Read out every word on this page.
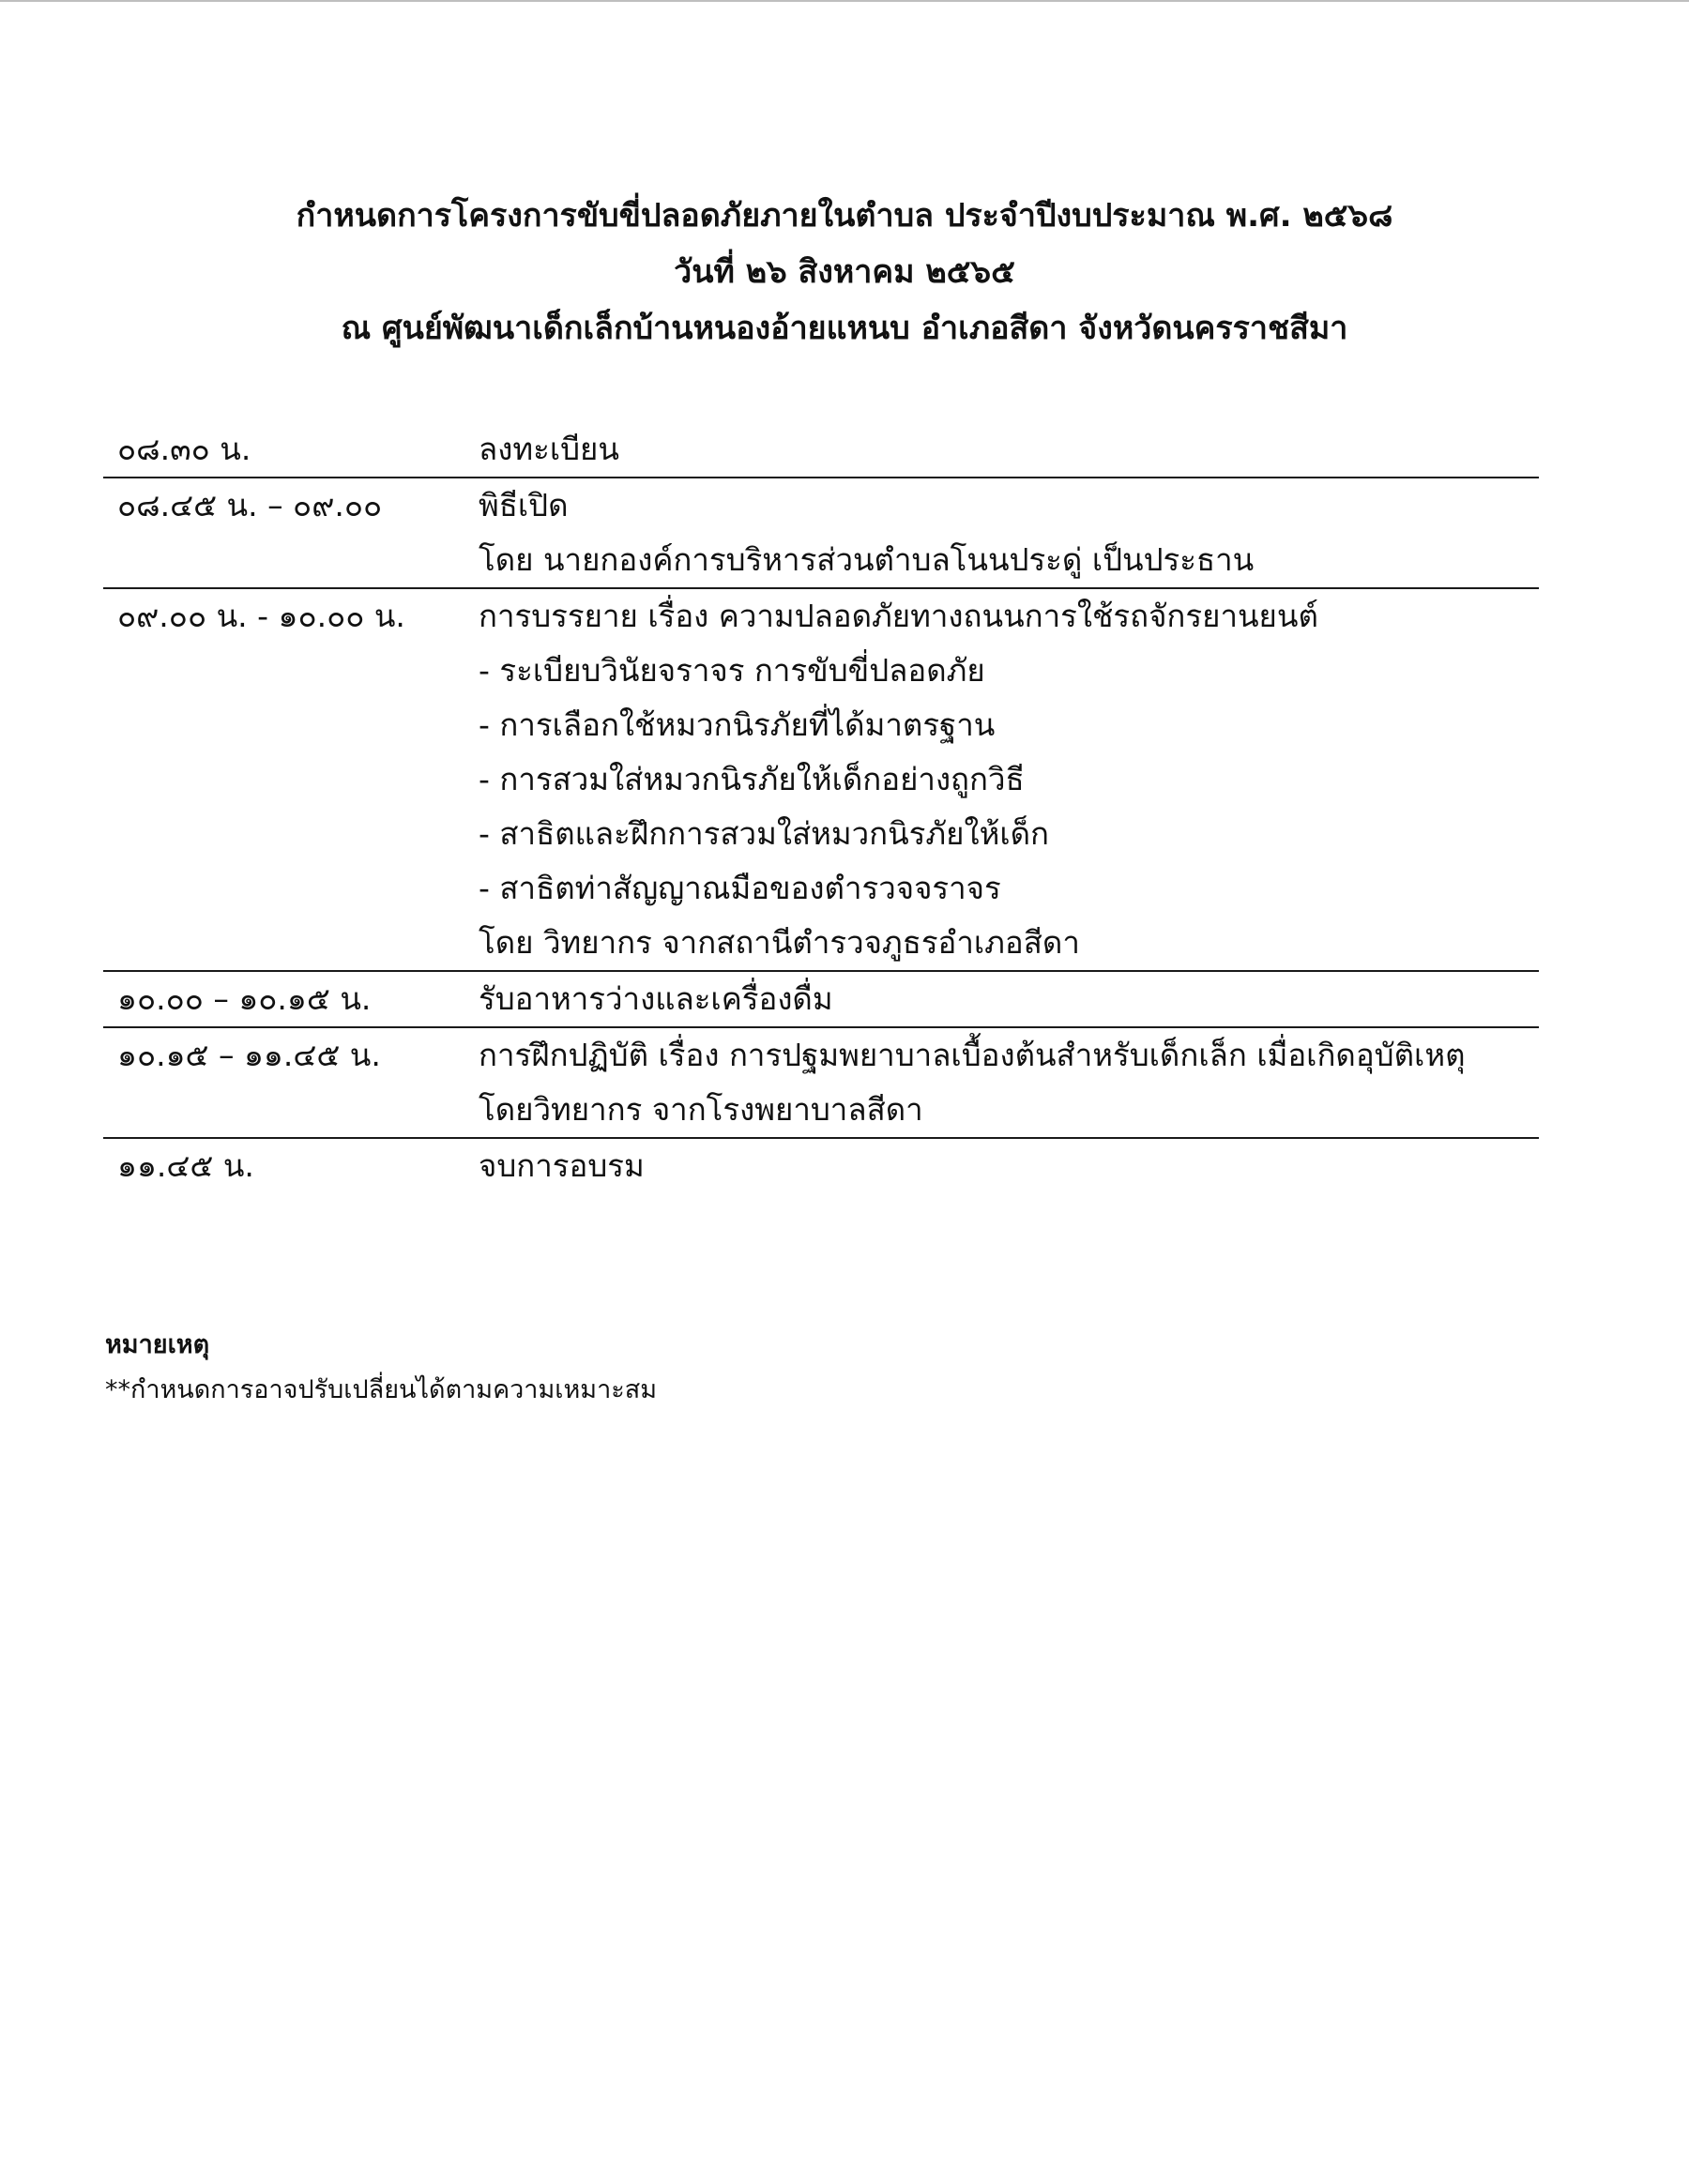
กำหนดการโครงการขับขี่ปลอดภัยภายในตำบล ประจำปีงบประมาณ พ.ศ. ๒๕๖๘
วันที่ ๒๖ สิงหาคม ๒๕๖๕
ณ ศูนย์พัฒนาเด็กเล็กบ้านหนองอ้ายแหนบ อำเภอสีดา จังหวัดนครราชสีมา
๐๘.๓๐ น.	ลงทะเบียน
๐๘.๔๕ น. – ๐๙.๐๐	พิธีเปิด
โดย นายกองค์การบริหารส่วนตำบลโนนประดู่ เป็นประธาน
๐๙.๐๐ น. - ๑๐.๐๐ น.	การบรรยาย เรื่อง ความปลอดภัยทางถนนการใช้รถจักรยานยนต์
- ระเบียบวินัยจราจร การขับขี่ปลอดภัย
- การเลือกใช้หมวกนิรภัยที่ได้มาตรฐาน
- การสวมใส่หมวกนิรภัยให้เด็กอย่างถูกวิธี
- สาธิตและฝึกการสวมใส่หมวกนิรภัยให้เด็ก
- สาธิตท่าสัญญาณมือของตำรวจจราจร
โดย วิทยากร จากสถานีตำรวจภูธรอำเภอสีดา
๑๐.๐๐ – ๑๐.๑๕ น.	รับอาหารว่างและเครื่องดื่ม
๑๐.๑๕ – ๑๑.๔๕ น.	การฝึกปฏิบัติ เรื่อง การปฐมพยาบาลเบื้องต้นสำหรับเด็กเล็ก เมื่อเกิดอุบัติเหตุ
โดยวิทยากร จากโรงพยาบาลสีดา
๑๑.๔๕ น.	จบการอบรม
หมายเหตุ
**กำหนดการอาจปรับเปลี่ยนได้ตามความเหมาะสม
